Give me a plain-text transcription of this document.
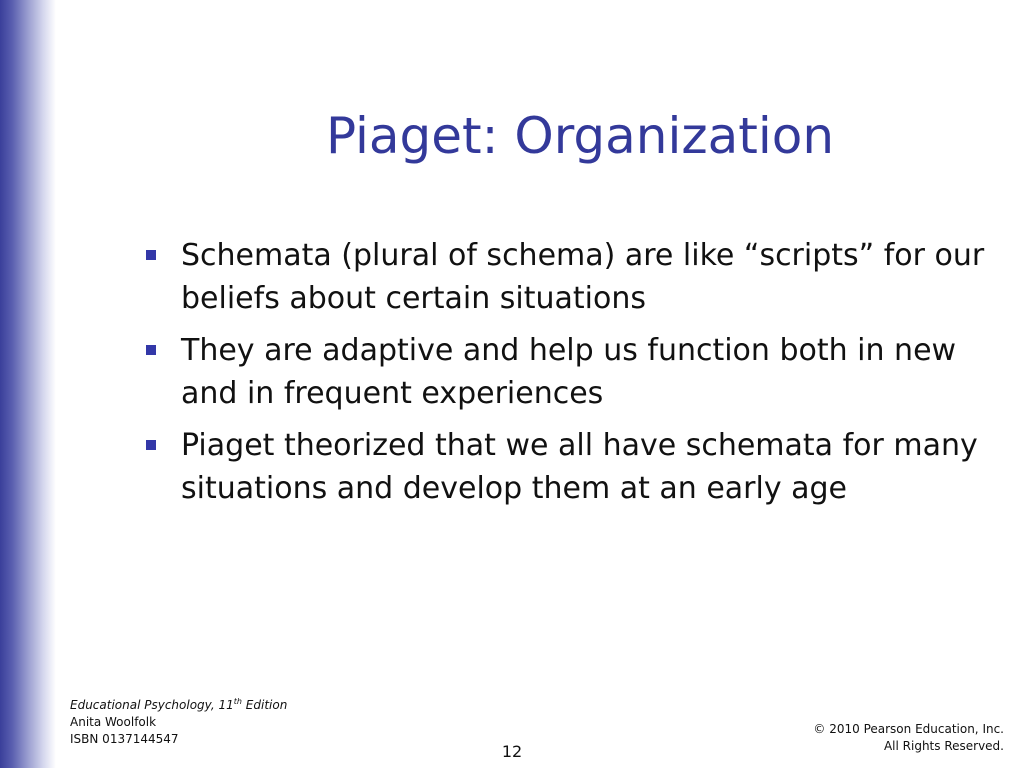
Piaget: Organization
Schemata (plural of schema) are like “scripts” for our beliefs about certain situations
They are adaptive and help us function both in new and in frequent experiences
Piaget theorized that we all have schemata for many situations and develop them at an early age
Educational Psychology, 11th Edition
Anita Woolfolk
ISBN 0137144547
© 2010 Pearson Education, Inc.
All Rights Reserved.
12
